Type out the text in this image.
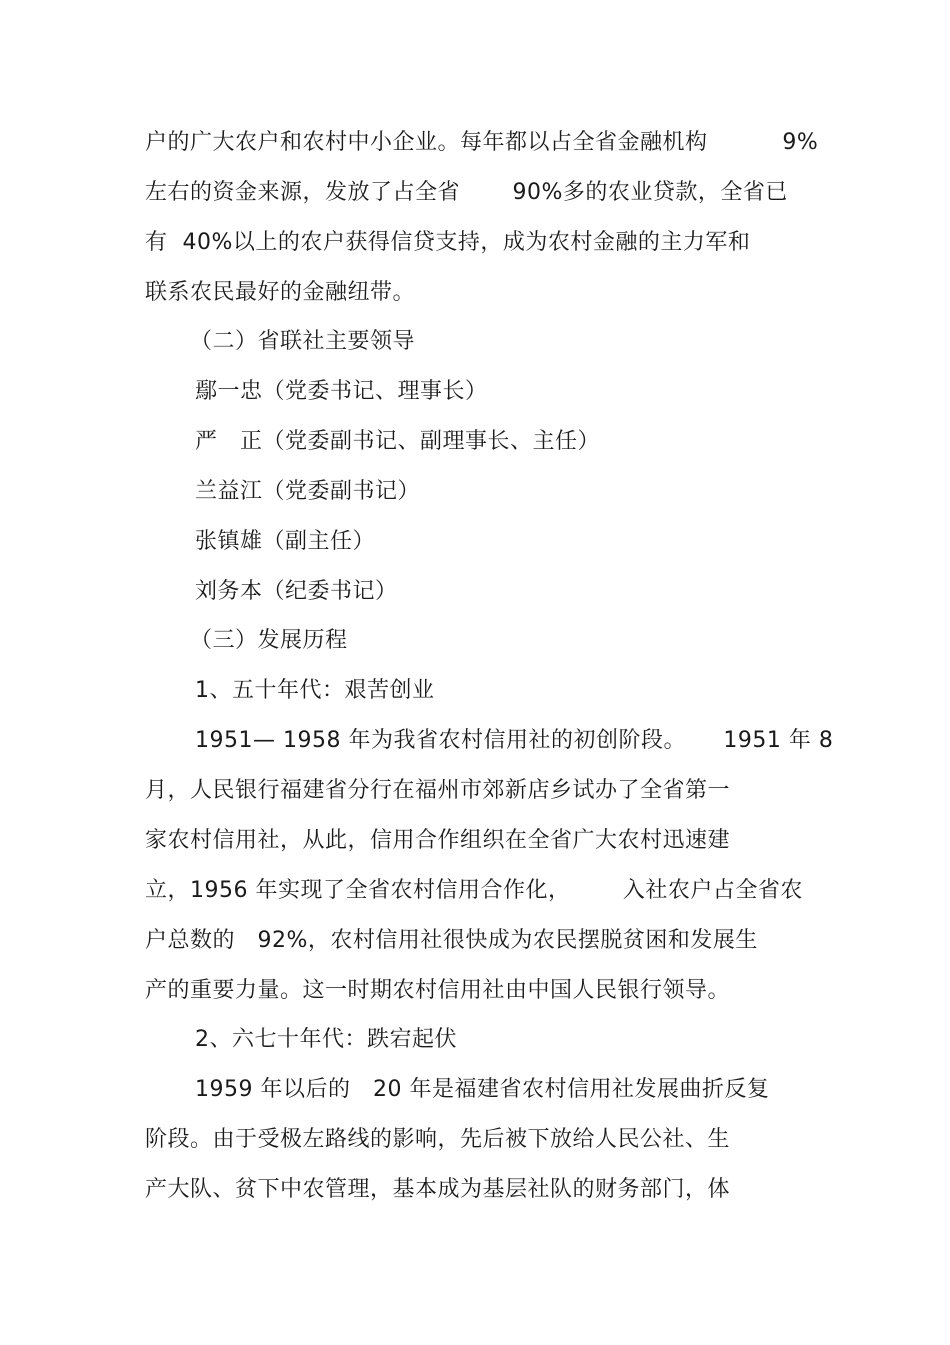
户的广大农户和农村中小企业。每年都以占全省金融机构          9%
左右的资金来源，发放了占全省       90%多的农业贷款，全省已
有  40%以上的农户获得信贷支持，成为农村金融的主力军和
联系农民最好的金融纽带。
（二）省联社主要领导
鄢一忠（党委书记、理事长）
严   正（党委副书记、副理事长、主任）
兰益江（党委副书记）
张镇雄（副主任）
刘务本（纪委书记）
（三）发展历程
1、五十年代：艰苦创业
1951— 1958 年为我省农村信用社的初创阶段。     1951 年 8
月，人民银行福建省分行在福州市郊新店乡试办了全省第一
家农村信用社，从此，信用合作组织在全省广大农村迅速建
立，1956 年实现了全省农村信用合作化，       入社农户占全省农
户总数的   92%，农村信用社很快成为农民摆脱贫困和发展生
产的重要力量。这一时期农村信用社由中国人民银行领导。
2、六七十年代：跌宕起伏
1959 年以后的   20 年是福建省农村信用社发展曲折反复
阶段。由于受极左路线的影响，先后被下放给人民公社、生
产大队、贫下中农管理，基本成为基层社队的财务部门，体
